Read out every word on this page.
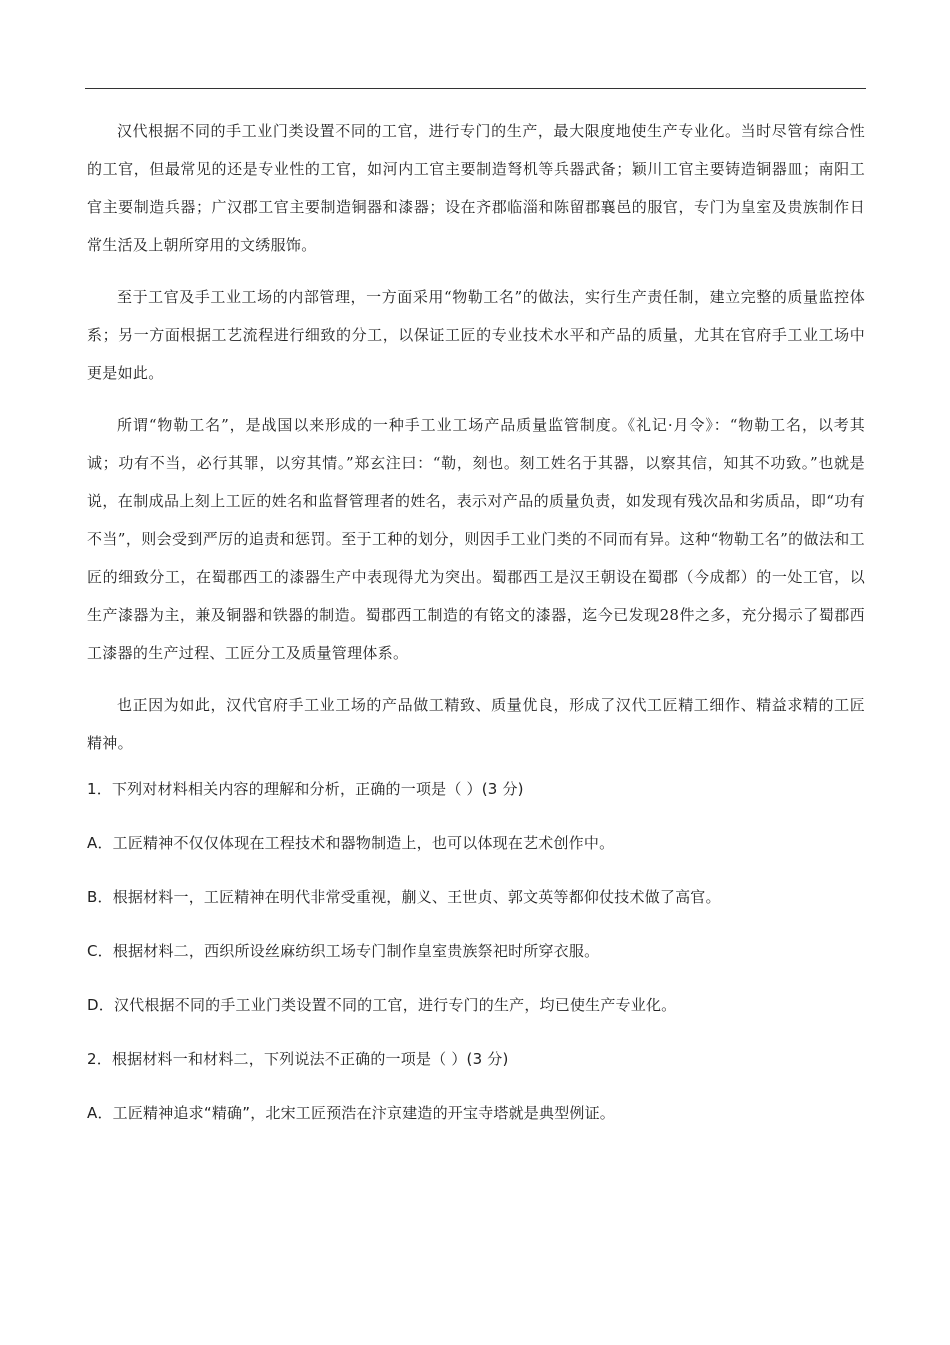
汉代根据不同的手工业门类设置不同的工官，进行专门的生产，最大限度地使生产专业化。当时尽管有综合性的工官，但最常见的还是专业性的工官，如河内工官主要制造弩机等兵器武备；颖川工官主要铸造铜器皿；南阳工官主要制造兵器；广汉郡工官主要制造铜器和漆器；设在齐郡临淄和陈留郡襄邑的服官，专门为皇室及贵族制作日常生活及上朝所穿用的文绣服饰。

至于工官及手工业工场的内部管理，一方面采用“物勒工名”的做法，实行生产责任制，建立完整的质量监控体系；另一方面根据工艺流程进行细致的分工，以保证工匠的专业技术水平和产品的质量，尤其在官府手工业工场中更是如此。

所谓“物勒工名”，是战国以来形成的一种手工业工场产品质量监管制度。《礼记·月令》：“物勒工名，以考其诚；功有不当，必行其罪，以穷其情。”郑玄注曰：“勒，刻也。刻工姓名于其器，以察其信，知其不功致。”也就是说，在制成品上刻上工匠的姓名和监督管理者的姓名，表示对产品的质量负责，如发现有残次品和劣质品，即“功有不当”，则会受到严厉的追责和惩罚。至于工种的划分，则因手工业门类的不同而有异。这种“物勒工名”的做法和工匠的细致分工，在蜀郡西工的漆器生产中表现得尤为突出。蜀郡西工是汉王朝设在蜀郡（今成都）的一处工官，以生产漆器为主，兼及铜器和铁器的制造。蜀郡西工制造的有铭文的漆器，迄今已发现28件之多，充分揭示了蜀郡西工漆器的生产过程、工匠分工及质量管理体系。

也正因为如此，汉代官府手工业工场的产品做工精致、质量优良，形成了汉代工匠精工细作、精益求精的工匠精神。

1．下列对材料相关内容的理解和分析，正确的一项是（ ）(3 分)

A．工匠精神不仅仅体现在工程技术和器物制造上，也可以体现在艺术创作中。

B．根据材料一，工匠精神在明代非常受重视，蒯义、王世贞、郭文英等都仰仗技术做了高官。

C．根据材料二，西织所设丝麻纺织工场专门制作皇室贵族祭祀时所穿衣服。

D．汉代根据不同的手工业门类设置不同的工官，进行专门的生产，均已使生产专业化。

2．根据材料一和材料二，下列说法不正确的一项是（ ）(3 分)

A．工匠精神追求“精确”，北宋工匠预浩在汴京建造的开宝寺塔就是典型例证。
